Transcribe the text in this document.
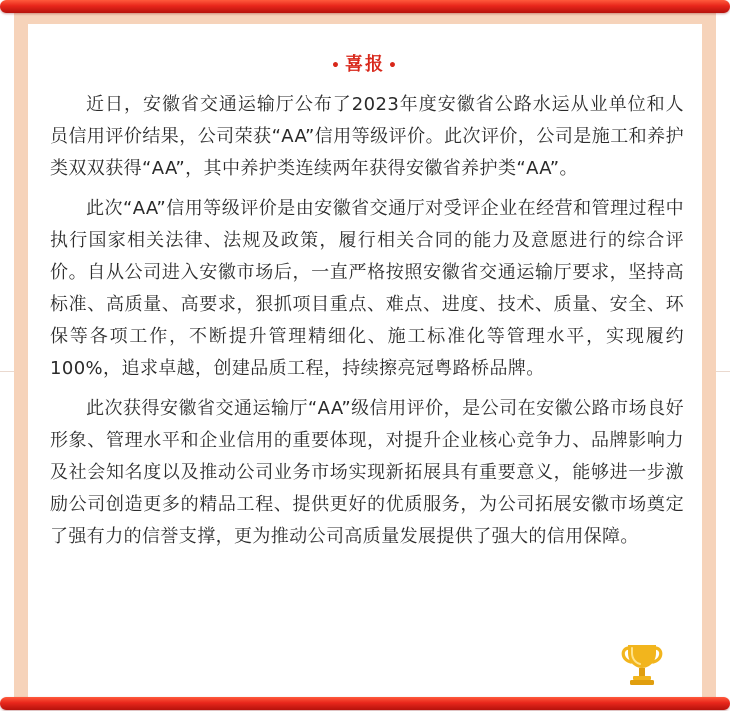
• 喜报 •

近日，安徽省交通运输厅公布了2023年度安徽省公路水运从业单位和人员信用评价结果，公司荣获“AA”信用等级评价。此次评价，公司是施工和养护类双双获得“AA”，其中养护类连续两年获得安徽省养护类“AA”。

此次“AA”信用等级评价是由安徽省交通厅对受评企业在经营和管理过程中执行国家相关法律、法规及政策，履行相关合同的能力及意愿进行的综合评价。自从公司进入安徽市场后，一直严格按照安徽省交通运输厅要求，坚持高标准、高质量、高要求，狠抓项目重点、难点、进度、技术、质量、安全、环保等各项工作，不断提升管理精细化、施工标准化等管理水平，实现履约100%，追求卓越，创建品质工程，持续擦亮冠粤路桥品牌。

此次获得安徽省交通运输厅“AA”级信用评价，是公司在安徽公路市场良好形象、管理水平和企业信用的重要体现，对提升企业核心竞争力、品牌影响力及社会知名度以及推动公司业务市场实现新拓展具有重要意义，能够进一步激励公司创造更多的精品工程、提供更好的优质服务，为公司拓展安徽市场奠定了强有力的信誉支撑，更为推动公司高质量发展提供了强大的信用保障。
